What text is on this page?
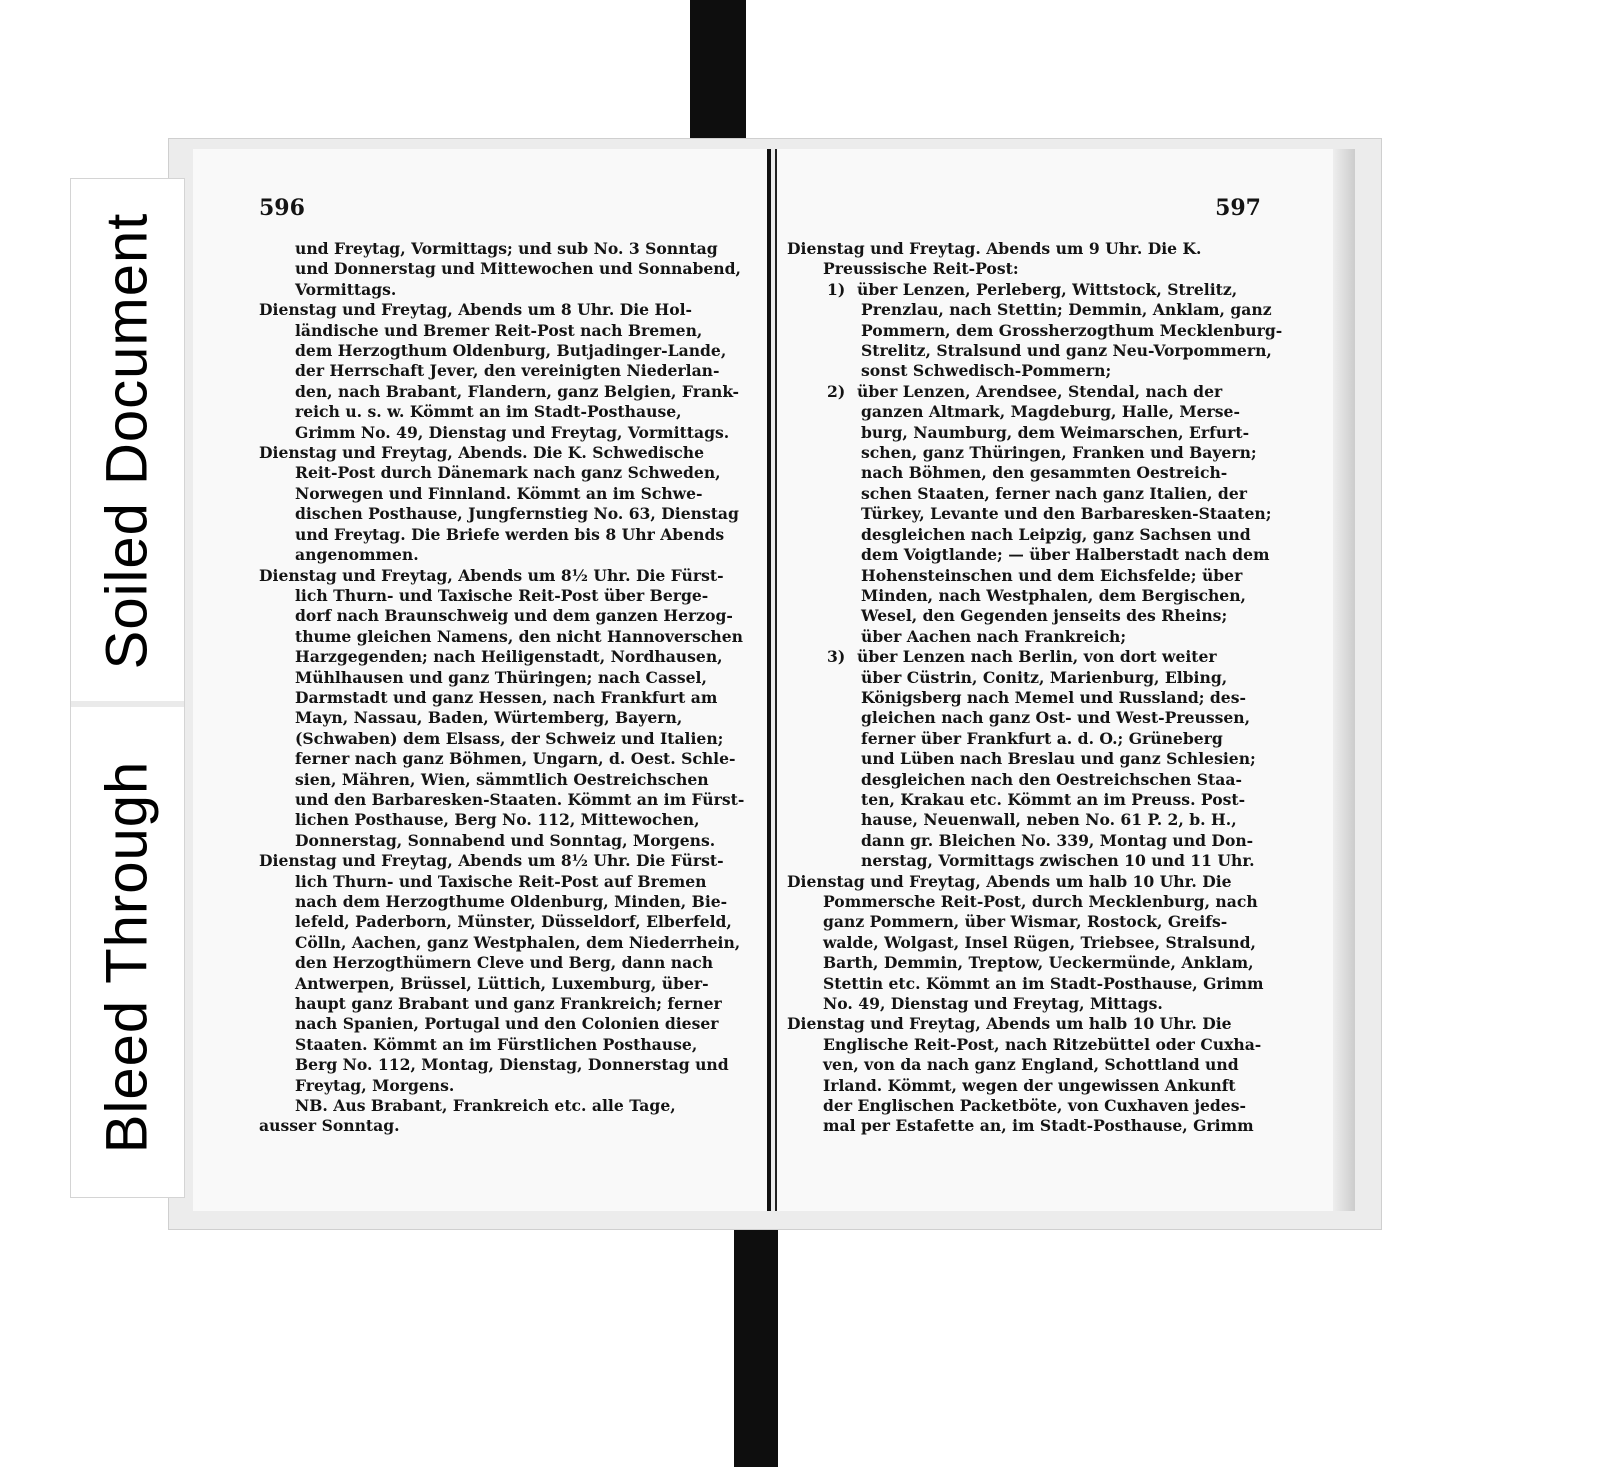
596
und Freytag, Vormittags; und sub No. 3 Sonntag
und Donnerstag und Mittewochen und Sonnabend,
Vormittags.
Dienstag und Freytag, Abends um 8 Uhr. Die Hol-
ländische und Bremer Reit-Post nach Bremen,
dem Herzogthum Oldenburg, Butjadinger-Lande,
der Herrschaft Jever, den vereinigten Niederlan-
den, nach Brabant, Flandern, ganz Belgien, Frank-
reich u. s. w. Kömmt an im Stadt-Posthause,
Grimm No. 49, Dienstag und Freytag, Vormittags.
Dienstag und Freytag, Abends. Die K. Schwedische
Reit-Post durch Dänemark nach ganz Schweden,
Norwegen und Finnland. Kömmt an im Schwe-
dischen Posthause, Jungfernstieg No. 63, Dienstag
und Freytag. Die Briefe werden bis 8 Uhr Abends
angenommen.
Dienstag und Freytag, Abends um 8½ Uhr. Die Fürst-
lich Thurn- und Taxische Reit-Post über Berge-
dorf nach Braunschweig und dem ganzen Herzog-
thume gleichen Namens, den nicht Hannoverschen
Harzgegenden; nach Heiligenstadt, Nordhausen,
Mühlhausen und ganz Thüringen; nach Cassel,
Darmstadt und ganz Hessen, nach Frankfurt am
Mayn, Nassau, Baden, Würtemberg, Bayern,
(Schwaben) dem Elsass, der Schweiz und Italien;
ferner nach ganz Böhmen, Ungarn, d. Oest. Schle-
sien, Mähren, Wien, sämmtlich Oestreichschen
und den Barbaresken-Staaten. Kömmt an im Fürst-
lichen Posthause, Berg No. 112, Mittewochen,
Donnerstag, Sonnabend und Sonntag, Morgens.
Dienstag und Freytag, Abends um 8½ Uhr. Die Fürst-
lich Thurn- und Taxische Reit-Post auf Bremen
nach dem Herzogthume Oldenburg, Minden, Bie-
lefeld, Paderborn, Münster, Düsseldorf, Elberfeld,
Cölln, Aachen, ganz Westphalen, dem Niederrhein,
den Herzogthümern Cleve und Berg, dann nach
Antwerpen, Brüssel, Lüttich, Luxemburg, über-
haupt ganz Brabant und ganz Frankreich; ferner
nach Spanien, Portugal und den Colonien dieser
Staaten. Kömmt an im Fürstlichen Posthause,
Berg No. 112, Montag, Dienstag, Donnerstag und
Freytag, Morgens.
NB. Aus Brabant, Frankreich etc. alle Tage,
ausser Sonntag.
597
Dienstag und Freytag. Abends um 9 Uhr. Die K.
Preussische Reit-Post:
1) über Lenzen, Perleberg, Wittstock, Strelitz,
Prenzlau, nach Stettin; Demmin, Anklam, ganz
Pommern, dem Grossherzogthum Mecklenburg-
Strelitz, Stralsund und ganz Neu-Vorpommern,
sonst Schwedisch-Pommern;
2) über Lenzen, Arendsee, Stendal, nach der
ganzen Altmark, Magdeburg, Halle, Merse-
burg, Naumburg, dem Weimarschen, Erfurt-
schen, ganz Thüringen, Franken und Bayern;
nach Böhmen, den gesammten Oestreich-
schen Staaten, ferner nach ganz Italien, der
Türkey, Levante und den Barbaresken-Staaten;
desgleichen nach Leipzig, ganz Sachsen und
dem Voigtlande; — über Halberstadt nach dem
Hohensteinschen und dem Eichsfelde; über
Minden, nach Westphalen, dem Bergischen,
Wesel, den Gegenden jenseits des Rheins;
über Aachen nach Frankreich;
3) über Lenzen nach Berlin, von dort weiter
über Cüstrin, Conitz, Marienburg, Elbing,
Königsberg nach Memel und Russland; des-
gleichen nach ganz Ost- und West-Preussen,
ferner über Frankfurt a. d. O.; Grüneberg
und Lüben nach Breslau und ganz Schlesien;
desgleichen nach den Oestreichschen Staa-
ten, Krakau etc. Kömmt an im Preuss. Post-
hause, Neuenwall, neben No. 61 P. 2, b. H.,
dann gr. Bleichen No. 339, Montag und Don-
nerstag, Vormittags zwischen 10 und 11 Uhr.
Dienstag und Freytag, Abends um halb 10 Uhr. Die
Pommersche Reit-Post, durch Mecklenburg, nach
ganz Pommern, über Wismar, Rostock, Greifs-
walde, Wolgast, Insel Rügen, Triebsee, Stralsund,
Barth, Demmin, Treptow, Ueckermünde, Anklam,
Stettin etc. Kömmt an im Stadt-Posthause, Grimm
No. 49, Dienstag und Freytag, Mittags.
Dienstag und Freytag, Abends um halb 10 Uhr. Die
Englische Reit-Post, nach Ritzebüttel oder Cuxha-
ven, von da nach ganz England, Schottland und
Irland. Kömmt, wegen der ungewissen Ankunft
der Englischen Packetböte, von Cuxhaven jedes-
mal per Estafette an, im Stadt-Posthause, Grimm
Soiled Document
Bleed Through
